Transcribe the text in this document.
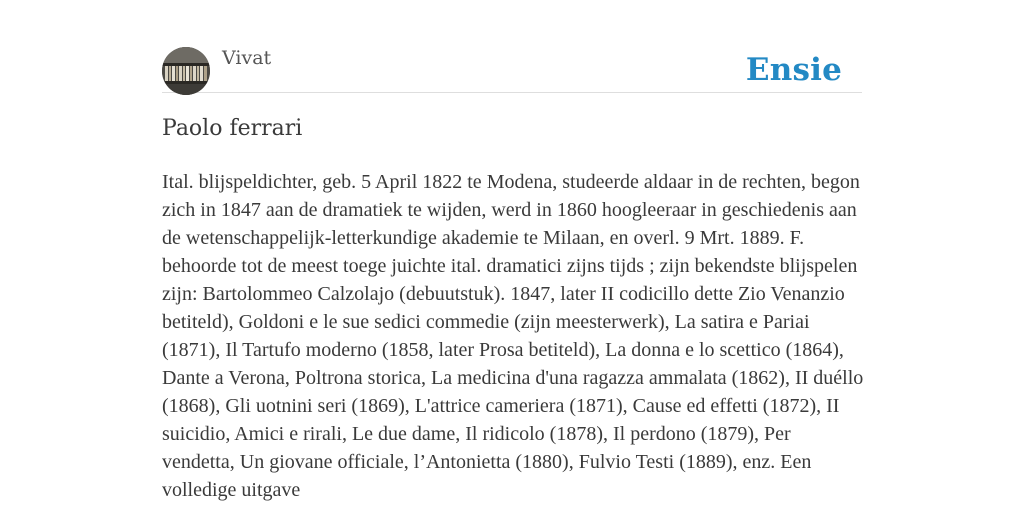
Vivat	Ensie
Paolo ferrari

Ital. blijspeldichter, geb. 5 April 1822 te Modena, studeerde aldaar in de rechten, begon zich in 1847 aan de dramatiek te wijden, werd in 1860 hoogleeraar in geschiedenis aan de wetenschappelijk-letterkundige akademie te Milaan, en overl. 9 Mrt. 1889. F. behoorde tot de meest toege juichte ital. dramatici zijns tijds ; zijn bekendste blijspelen zijn: Bartolommeo Calzolajo (debuutstuk). 1847, later II codicillo dette Zio Venanzio betiteld), Goldoni e le sue sedici commedie (zijn meesterwerk), La satira e Pariai (1871), Il Tartufo moderno (1858, later Prosa betiteld), La donna e lo scettico (1864), Dante a Verona, Poltrona storica, La medicina d'una ragazza ammalata (1862), II duéllo (1868), Gli uotnini seri (1869), L'attrice cameriera (1871), Cause ed effetti (1872), II suicidio, Amici e rirali, Le due dame, Il ridicolo (1878), Il perdono (1879), Per vendetta, Un giovane officiale, l’Antonietta (1880), Fulvio Testi (1889), enz. Een volledige uitgave
